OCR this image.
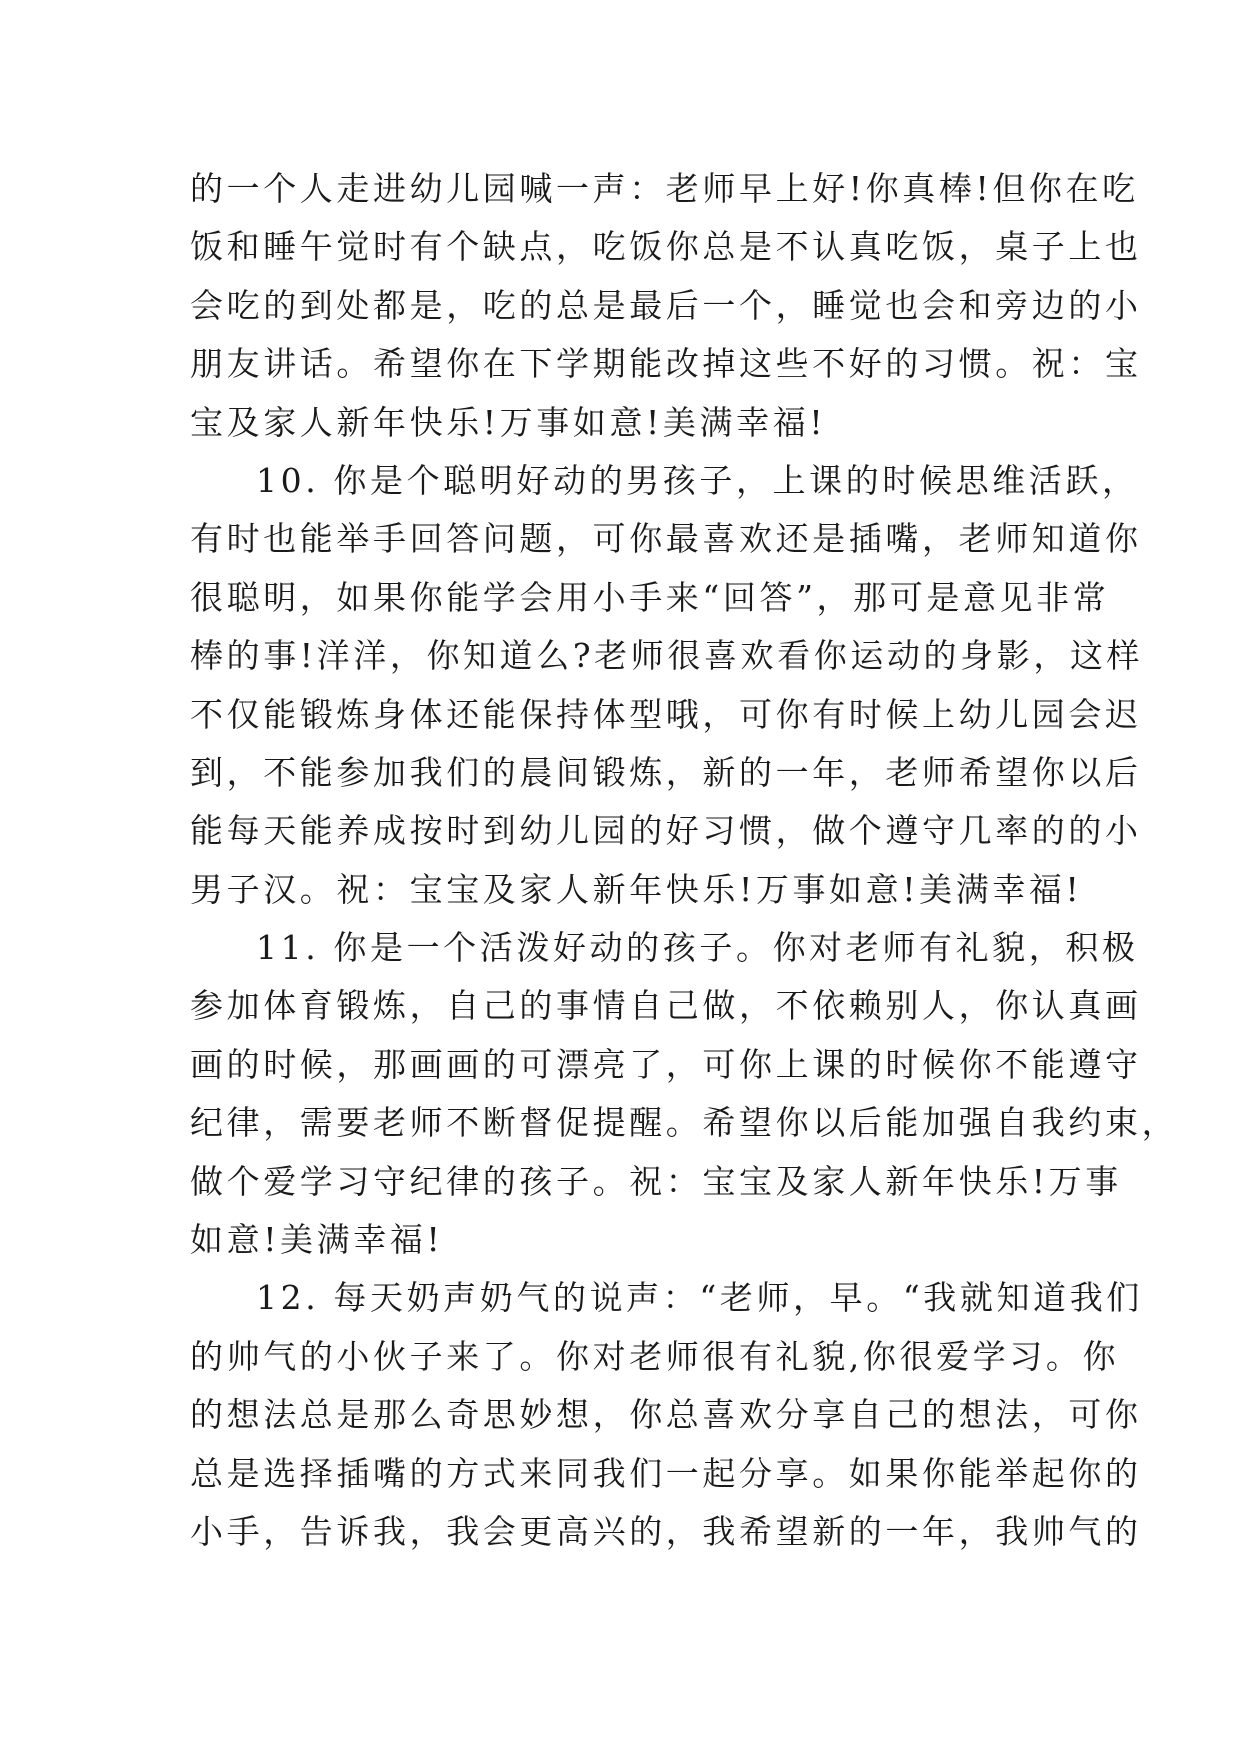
的一个人走进幼儿园喊一声：老师早上好!你真棒!但你在吃
饭和睡午觉时有个缺点，吃饭你总是不认真吃饭，桌子上也
会吃的到处都是，吃的总是最后一个，睡觉也会和旁边的小
朋友讲话。希望你在下学期能改掉这些不好的习惯。祝：宝
宝及家人新年快乐!万事如意!美满幸福!
10. 你是个聪明好动的男孩子，上课的时候思维活跃，
有时也能举手回答问题，可你最喜欢还是插嘴，老师知道你
很聪明，如果你能学会用小手来“回答”，那可是意见非常
棒的事!洋洋，你知道么?老师很喜欢看你运动的身影，这样
不仅能锻炼身体还能保持体型哦，可你有时候上幼儿园会迟
到，不能参加我们的晨间锻炼，新的一年，老师希望你以后
能每天能养成按时到幼儿园的好习惯，做个遵守几率的的小
男子汉。祝：宝宝及家人新年快乐!万事如意!美满幸福!
11. 你是一个活泼好动的孩子。你对老师有礼貌，积极
参加体育锻炼，自己的事情自己做，不依赖别人，你认真画
画的时候，那画画的可漂亮了，可你上课的时候你不能遵守
纪律，需要老师不断督促提醒。希望你以后能加强自我约束，
做个爱学习守纪律的孩子。祝：宝宝及家人新年快乐!万事
如意!美满幸福!
12. 每天奶声奶气的说声：“老师，早。“我就知道我们
的帅气的小伙子来了。你对老师很有礼貌,你很爱学习。你
的想法总是那么奇思妙想，你总喜欢分享自己的想法，可你
总是选择插嘴的方式来同我们一起分享。如果你能举起你的
小手，告诉我，我会更高兴的，我希望新的一年，我帅气的
